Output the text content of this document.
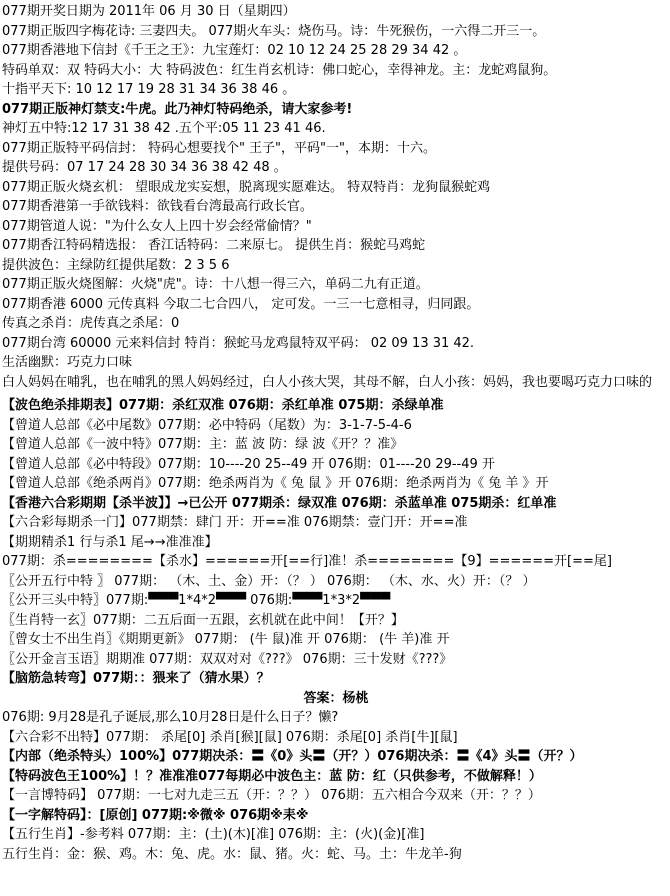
077期开奖日期为 2011年 06 月 30 日（星期四）
077期正版四字梅花诗: 三妻四夫。 077期火车头：烧伤马。诗：牛死猴伤，一六得二开三一。
077期香港地下信封《千王之王》：九宝莲灯：02 10 12 24 25 28 29 34 42 。
特码单双：双 特码大小：大 特码波色：红生肖玄机诗：佛口蛇心，幸得神龙。主：龙蛇鸡鼠狗。
十指平天下: 10 12 17 19 28 31 34 36 38 46 。
077期正版神灯禁支:牛虎。此乃神灯特码绝杀，请大家参考!
神灯五中特:12 17 31 38 42 .五个平:05 11 23 41 46.
077期正版特平码信封： 特码心想要找个" 王子"，平码"一"，本期：十六。
提供号码：07 17 24 28 30 34 36 38 42 48 。
077期正版火烧玄机： 望眼成龙实妄想，脱离现实愿难达。 特双特肖：龙狗鼠猴蛇鸡
077期香港第一手欲钱料：欲钱看台湾最高行政长官。
077期管道人说："为什么女人上四十岁会经常偷情？"
077期香江特码精选报： 香江话特码：二来原七。 提供生肖：猴蛇马鸡蛇
提供波色：主绿防红提供尾数：2 3 5 6
077期正版火烧图解：火烧"虎"。诗：十八想一得三六，单码二九有正道。
077期香港 6000 元传真料 今取二七合四八， 定可发。一三一七意相寻，归同跟。
传真之杀肖：虎传真之杀尾：0
077期台湾 60000 元来料信封 特肖：猴蛇马龙鸡鼠特双平码： 02 09 13 31 42.
生活幽默：巧克力口味
白人妈妈在哺乳，也在哺乳的黑人妈妈经过，白人小孩大哭，其母不解，白人小孩：妈妈，我也要喝巧克力口味的
【波色绝杀排期表】077期：杀红双准 076期：杀红单准 075期：杀绿单准
【曾道人总部《必中尾数》077期：必中特码（尾数）为：3-1-7-5-4-6
【曾道人总部《一波中特》077期：主：蓝 波 防：绿 波《开？？准》
【曾道人总部《必中特段》077期：10----20 25--49 开 076期：01----20 29--49 开
【曾道人总部《绝杀两肖》077期：绝杀两肖为《 兔 鼠 》开 076期：绝杀两肖为《 兔 羊 》开
【香港六合彩期期【杀半波】】→已公开 077期杀：绿双准 076期：杀蓝单准 075期杀：红单准
【六合彩每期杀一门】077期禁：肆门 开：开==准 076期禁：壹门开：开==准
【期期精杀1 行与杀1 尾→→准准准】
077期：杀========【杀水】======开[==行]准！杀========【9】======开[==尾]
〖公开五行中特 〗 077期： （木、土、金）开：（？ ） 076期： （木、水、火）开：（？ ）
〖公开三头中特〗077期:▀▀▀1*4*2▀▀▀ 076期:▀▀▀1*3*2▀▀▀
〖生肖特一玄〗077期：二五后面一五跟，玄机就在此中间！【开？】
〖曾女士不出生肖〗《期期更新》 077期： (牛 鼠)准 开 076期： (牛 羊)准 开
〖公开金言玉语〗期期准 077期：双双对对《???》 076期：三十发财《???》
【脑筋急转弯】077期：：猥来了（猜水果）？
答案：杨桃
076期: 9月28是孔子诞辰,那么10月28日是什么日子？懒?
【六合彩不出特】077期： 杀尾[0] 杀肖[猴][鼠] 076期：杀尾[0] 杀肖[牛][鼠]
【内部（绝杀特头）100%】077期决杀：〓《0》头〓（开？）076期决杀：〓《4》头〓（开？）
【特码波色王100%】！？准准准077每期必中波色主：蓝 防：红（只供参考，不做解释！）
【一言博特码】 077期：一七对九走三五（开：？？） 076期：五六相合今双来（开：？？）
【一字解特码】：[原创] 077期:※微※ 076期※耒※
【五行生肖】-参考料 077期：主：(土)(木)[准] 076期：主：(火)(金)[准]
五行生肖：金：猴、鸡。木：兔、虎。水：鼠、猪。火：蛇、马。土：牛龙羊-狗
